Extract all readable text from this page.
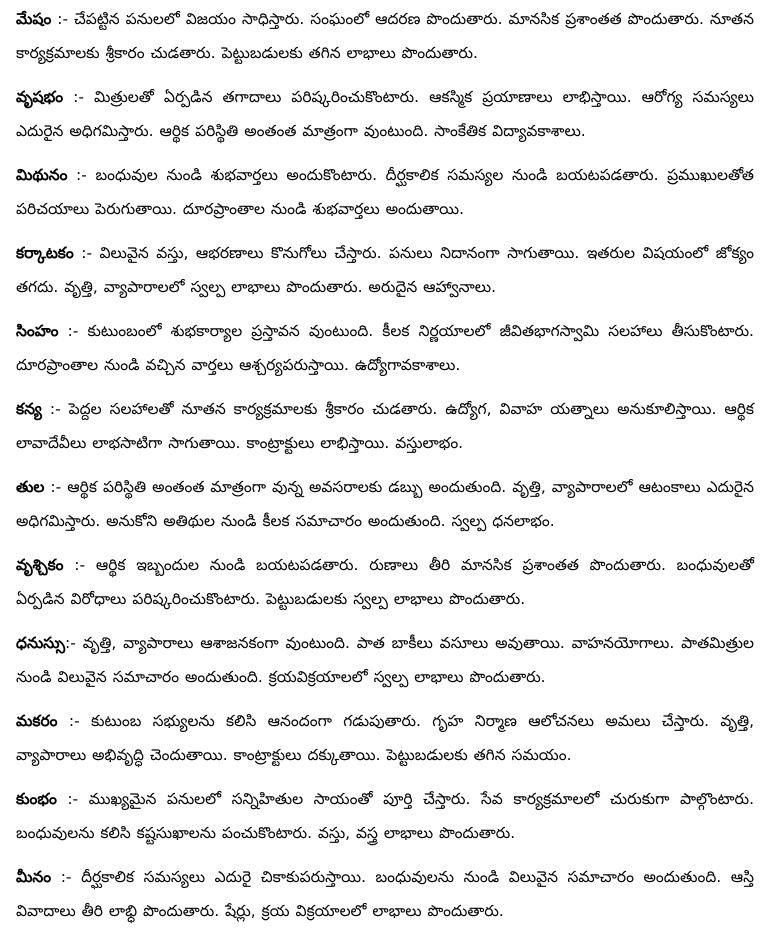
మేషం :- చేపట్టిన పనులలో విజయం సాధిస్తారు. సంఘంలో ఆదరణ పొందుతారు. మానసిక ప్రశాంతత పొందుతారు. నూతన కార్యక్రమాలకు శ్రీకారం చుడతారు. పెట్టుబడులకు తగిన లాభాలు పొందుతారు.

వృషభం :- మిత్రులతో ఏర్పడిన తగాదాలు పరిష్కరించుకొంటారు. ఆకస్మిక ప్రయాణాలు లాభిస్తాయి. ఆరోగ్య సమస్యలు ఎదురైన అధిగమిస్తారు. ఆర్థిక పరిస్థితి అంతంత మాత్రంగా వుంటుంది. సాంకేతిక విద్యావకాశాలు.

మిథునం :- బంధువుల నుండి శుభవార్తలు అందుకొంటారు. దీర్ఘకాలిక సమస్యల నుండి బయటపడతారు. ప్రముఖులతోత పరిచయాలు పెరుగుతాయి. దూరప్రాంతాల నుండి శుభవార్తలు అందుతాయి.

కర్కాటకం :- విలువైన వస్తు, ఆభరణాలు కొనుగోలు చేస్తారు. పనులు నిదానంగా సాగుతాయి. ఇతరుల విషయంలో జోక్యం తగదు. వృత్తి, వ్యాపారాలలో స్వల్ప లాభాలు పొందుతారు. అరుదైన ఆహ్వానాలు.

సింహం :- కుటుంబంలో శుభకార్యాల ప్రస్తావన వుంటుంది. కీలక నిర్ణయాలలో జీవితభాగస్వామి సలహాలు తీసుకొంటారు. దూరప్రాంతాల నుండి వచ్చిన వార్తలు ఆశ్చర్యపరుస్తాయి. ఉద్యోగావకాశాలు.

కన్య :- పెద్దల సలహాలతో నూతన కార్యక్రమాలకు శ్రీకారం చుడతారు. ఉద్యోగ, వివాహ యత్నాలు అనుకూలిస్తాయి. ఆర్థిక లావాదేవీలు లాభసాటిగా సాగుతాయి. కాంట్రాక్టులు లాభిస్తాయి. వస్తులాభం.

తుల :- ఆర్థిక పరిస్థితి అంతంత మాత్రంగా వున్న అవసరాలకు డబ్బు అందుతుంది. వృత్తి, వ్యాపారాలలో ఆటంకాలు ఎదురైన అధిగమిస్తారు. అనుకోని అతిథుల నుండి కీలక సమాచారం అందుతుంది. స్వల్ప ధనలాభం.

వృశ్చికం :- ఆర్థిక ఇబ్బందుల నుండి బయటపడతారు. రుణాలు తీరి మానసిక ప్రశాంతత పొందుతారు. బంధువులతో ఏర్పడిన విరోధాలు పరిష్కరించుకొంటారు. పెట్టుబడులకు స్వల్ప లాభాలు పొందుతారు.

ధనుస్సు:- వృత్తి, వ్యాపారాలు ఆశాజనకంగా వుంటుంది. పాత బాకీలు వసూలు అవుతాయి. వాహనయోగాలు. పాతమిత్రుల నుండి విలువైన సమాచారం అందుతుంది. క్రయవిక్రయాలలో స్వల్ప లాభాలు పొందుతారు.

మకరం :- కుటుంబ సభ్యులను కలిసి ఆనందంగా గడుపుతారు. గృహ నిర్మాణ ఆలోచనలు అమలు చేస్తారు. వృత్తి, వ్యాపారాలు అభివృద్ధి చెందుతాయి. కాంట్రాక్టులు దక్కుతాయి. పెట్టుబడులకు తగిన సమయం.

కుంభం :- ముఖ్యమైన పనులలో సన్నిహితుల సాయంతో పూర్తి చేస్తారు. సేవ కార్యక్రమాలలో చురుకుగా పాల్గొంటారు. బంధువులను కలిసి కష్టసుఖాలను పంచుకొంటారు. వస్తు, వస్త్ర లాభాలు పొందుతారు.

మీనం :- దీర్ఘకాలిక సమస్యలు ఎదురై చికాకుపరుస్తాయి. బంధువులను నుండి విలువైన సమాచారం అందుతుంది. ఆస్తి వివాదాలు తీరి లాభ్ధి పొందుతారు. షేర్లు, క్రయ విక్రయాలలో లాభాలు పొందుతారు.
